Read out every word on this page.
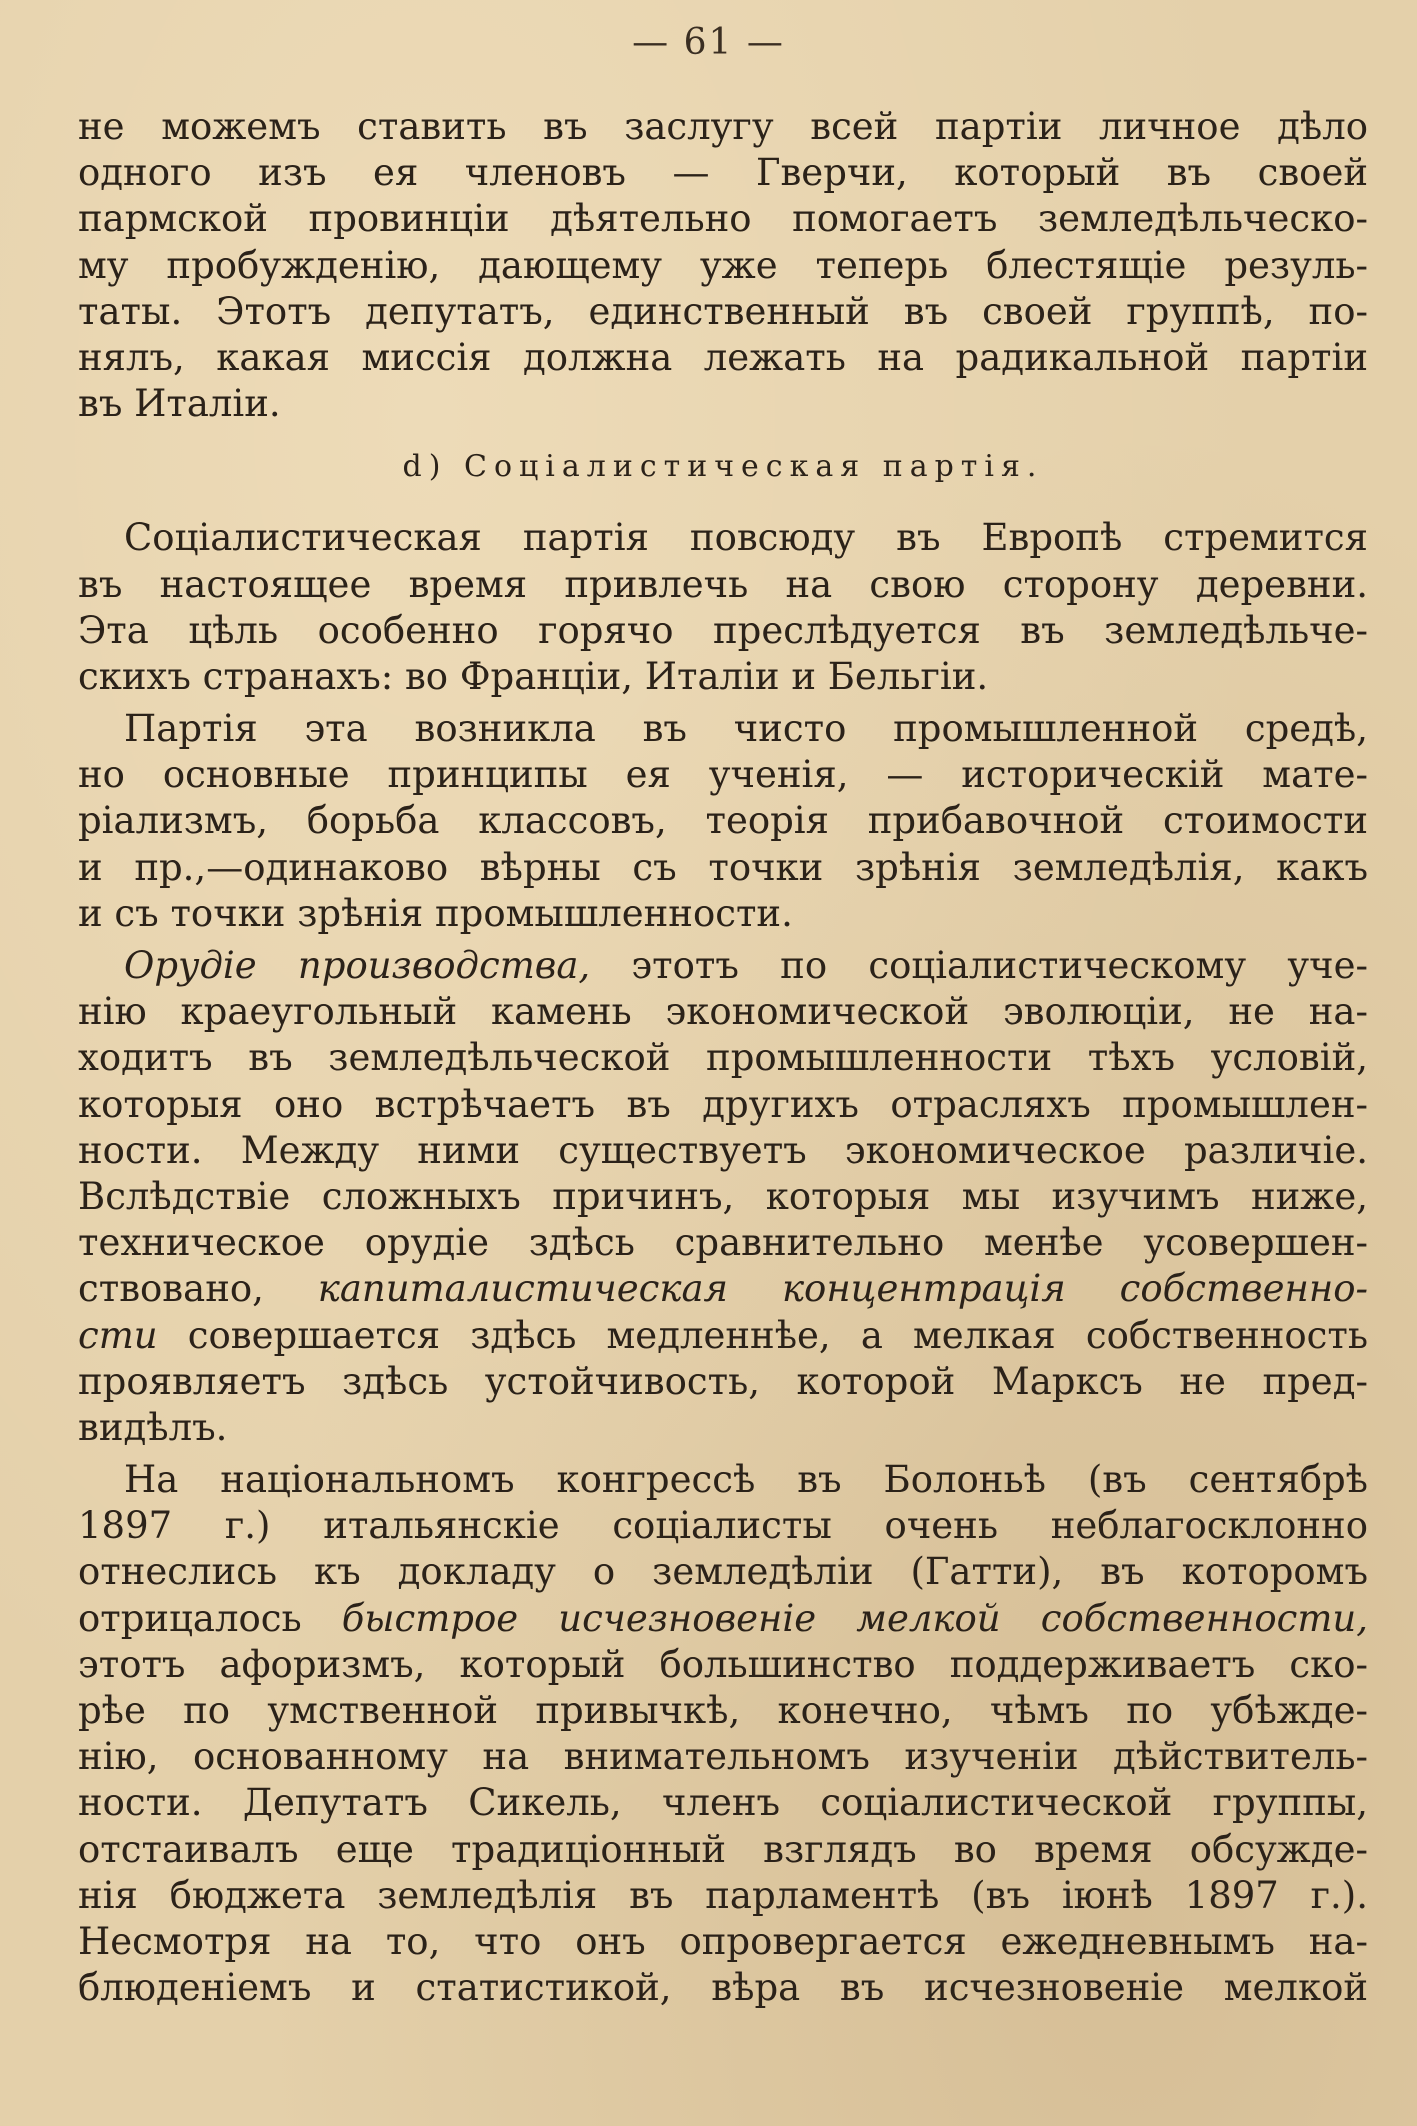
— 61 —
не можемъ ставить въ заслугу всей партіи личное дѣло
одного изъ ея членовъ — Гверчи, который въ своей
пармской провинціи дѣятельно помогаетъ земледѣльческо-
му пробужденію, дающему уже теперь блестящіе резуль-
таты. Этотъ депутатъ, единственный въ своей группѣ, по-
нялъ, какая миссія должна лежать на радикальной партіи
въ Италіи.
d) Соціалистическая партія.
Соціалистическая партія повсюду въ Европѣ стремится
въ настоящее время привлечь на свою сторону деревни.
Эта цѣль особенно горячо преслѣдуется въ земледѣльче-
скихъ странахъ: во Франціи, Италіи и Бельгіи.
Партія эта возникла въ чисто промышленной средѣ,
но основные принципы ея ученія, — историческій мате-
ріализмъ, борьба классовъ, теорія прибавочной стоимости
и пр.,—одинаково вѣрны съ точки зрѣнія земледѣлія, какъ
и съ точки зрѣнія промышленности.
Орудіе производства, этотъ по соціалистическому уче-
нію краеугольный камень экономической эволюціи, не на-
ходитъ въ земледѣльческой промышленности тѣхъ условій,
которыя оно встрѣчаетъ въ другихъ отрасляхъ промышлен-
ности. Между ними существуетъ экономическое различіе.
Вслѣдствіе сложныхъ причинъ, которыя мы изучимъ ниже,
техническое орудіе здѣсь сравнительно менѣе усовершен-
ствовано, капиталистическая концентрація собственно-
сти совершается здѣсь медленнѣе, а мелкая собственность
проявляетъ здѣсь устойчивость, которой Марксъ не пред-
видѣлъ.
На національномъ конгрессѣ въ Болоньѣ (въ сентябрѣ
1897 г.) итальянскіе соціалисты очень неблагосклонно
отнеслись къ докладу о земледѣліи (Гатти), въ которомъ
отрицалось быстрое исчезновеніе мелкой собственности,
этотъ афоризмъ, который большинство поддерживаетъ ско-
рѣе по умственной привычкѣ, конечно, чѣмъ по убѣжде-
нію, основанному на внимательномъ изученіи дѣйствитель-
ности. Депутатъ Сикель, членъ соціалистической группы,
отстаивалъ еще традиціонный взглядъ во время обсужде-
нія бюджета земледѣлія въ парламентѣ (въ іюнѣ 1897 г.).
Несмотря на то, что онъ опровергается ежедневнымъ на-
блюденіемъ и статистикой, вѣра въ исчезновеніе мелкой
